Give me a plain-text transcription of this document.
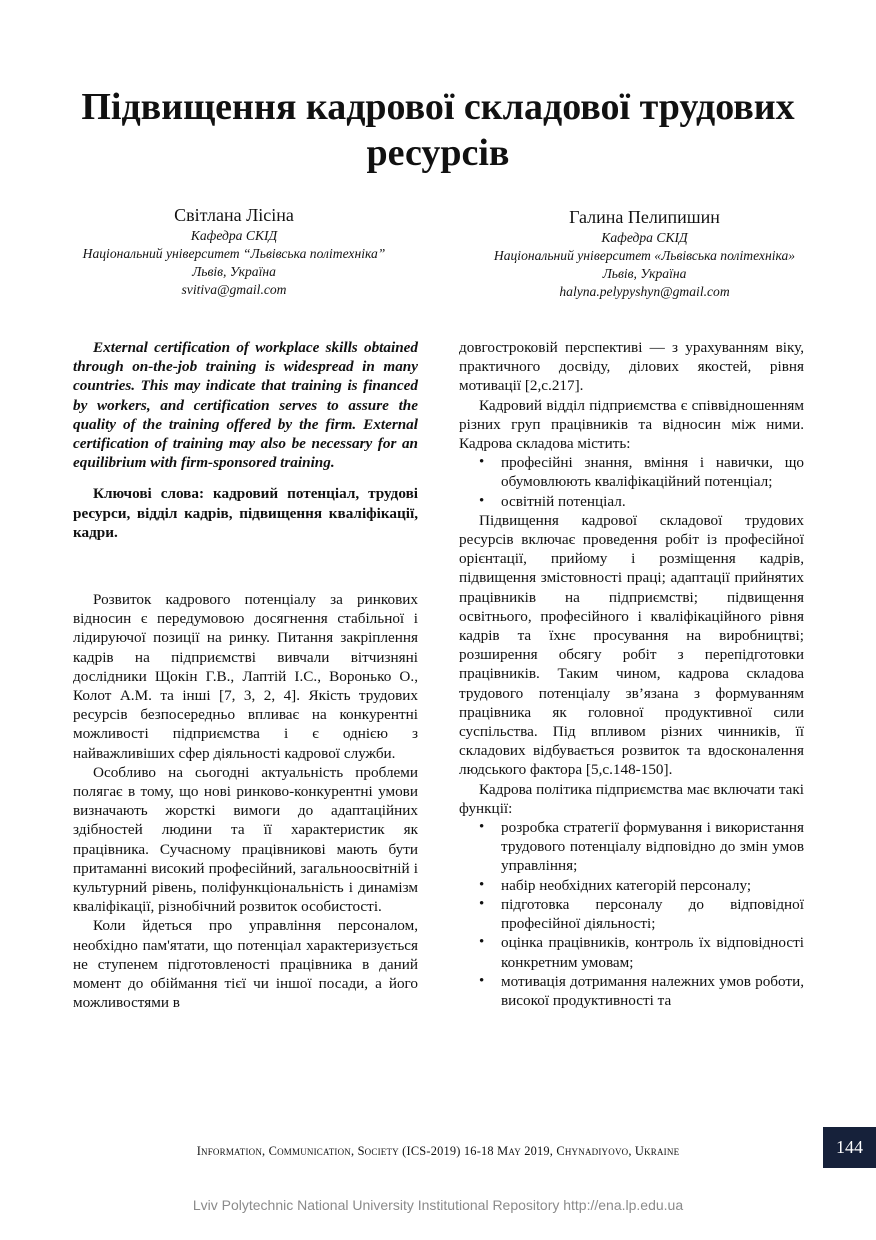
Підвищення кадрової складової трудових ресурсів
Світлана Лісіна
Кафедра СКІД
Національний університет “Львівська політехніка”
Львів, Україна
svitiva@gmail.com
Галина Пелипишин
Кафедра СКІД
Національний університет «Львівська політехніка»
Львів, Україна
halyna.pelypyshyn@gmail.com

External certification of workplace skills obtained through on-the-job training is widespread in many countries. This may indicate that training is financed by workers, and certification serves to assure the quality of the training offered by the firm. External certification of training may also be necessary for an equilibrium with firm-sponsored training.

Ключові слова: кадровий потенціал, трудові ресурси, відділ кадрів, підвищення кваліфікації, кадри.

Розвиток кадрового потенціалу за ринкових відносин є передумовою досягнення стабільної і лідируючої позиції на ринку. Питання закріплення кадрів на підприємстві вивчали вітчизняні дослідники Щокін Г.В., Лаптій І.С., Воронько О., Колот А.М. та інші [7, 3, 2, 4]. Якість трудових ресурсів безпосередньо впливає на конкурентні можливості підприємства і є однією з найважливіших сфер діяльності кадрової служби.

Особливо на сьогодні актуальність проблеми полягає в тому, що нові ринково-конкурентні умови визначають жорсткі вимоги до адаптаційних здібностей людини та її характеристик як працівника. Сучасному працівникові мають бути притаманні високий професійний, загальноосвітній і культурний рівень, поліфункціональність і динамізм кваліфікації, різнобічний розвиток особистості.

Коли йдеться про управління персоналом, необхідно пам'ятати, що потенціал характеризується не ступенем підготовленості працівника в даний момент до обіймання тієї чи іншої посади, а його можливостями в

довгостроковій перспективі — з урахуванням віку, практичного досвіду, ділових якостей, рівня мотивації [2,с.217].

Кадровий відділ підприємства є співвідношенням різних груп працівників та відносин між ними. Кадрова складова містить:

• професійні знання, вміння і навички, що обумовлюють кваліфікаційний потенціал;
• освітній потенціал.

Підвищення кадрової складової трудових ресурсів включає проведення робіт із професійної орієнтації, прийому і розміщення кадрів, підвищення змістовності праці; адаптації прийнятих працівників на підприємстві; підвищення освітнього, професійного і кваліфікаційного рівня кадрів та їхнє просування на виробництві; розширення обсягу робіт з перепідготовки працівників. Таким чином, кадрова складова трудового потенціалу зв’язана з формуванням працівника як головної продуктивної сили суспільства. Під впливом різних чинників, її складових відбувається розвиток та вдосконалення людського фактора [5,с.148-150].

Кадрова політика підприємства має включати такі функції:

• розробка стратегії формування і використання трудового потенціалу відповідно до змін умов управління;
• набір необхідних категорій персоналу;
• підготовка персоналу до відповідної професійної діяльності;
• оцінка працівників, контроль їх відповідності конкретним умовам;
• мотивація дотримання належних умов роботи, високої продуктивності та
Information, Communication, Society (ICS-2019) 16-18 May 2019, Chynadiyovo, Ukraine	144
Lviv Polytechnic National University Institutional Repository http://ena.lp.edu.ua
